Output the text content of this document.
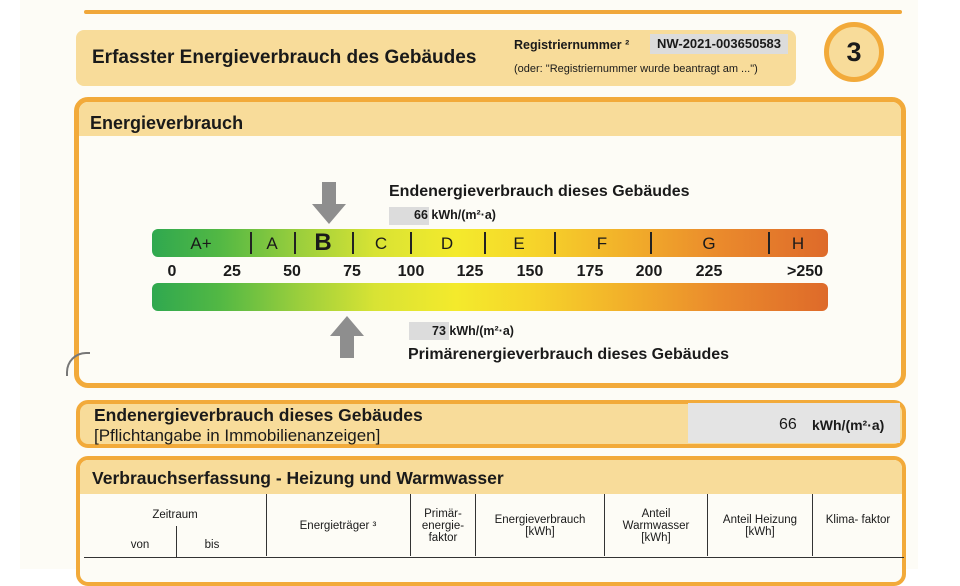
Erfasster Energieverbrauch des Gebäudes
Registriernummer ²	NW-2021-003650583
(oder: "Registriernummer wurde beantragt am ...")
3
Energieverbrauch
Endenergieverbrauch dieses Gebäudes
66 kWh/(m²·a)
A+	A	B	C	D	E	F	G	H
0	25	50	75	100	125	150	175	200	225	>250
73 kWh/(m²·a)
Primärenergieverbrauch dieses Gebäudes
Endenergieverbrauch dieses Gebäudes
[Pflichtangabe in Immobilienanzeigen]
66 kWh/(m²·a)
Verbrauchserfassung - Heizung und Warmwasser
Zeitraum
von	bis
Energieträger ³
Primär- energie- faktor
Energieverbrauch [kWh]
Anteil Warmwasser [kWh]
Anteil Heizung [kWh]
Klima- faktor
